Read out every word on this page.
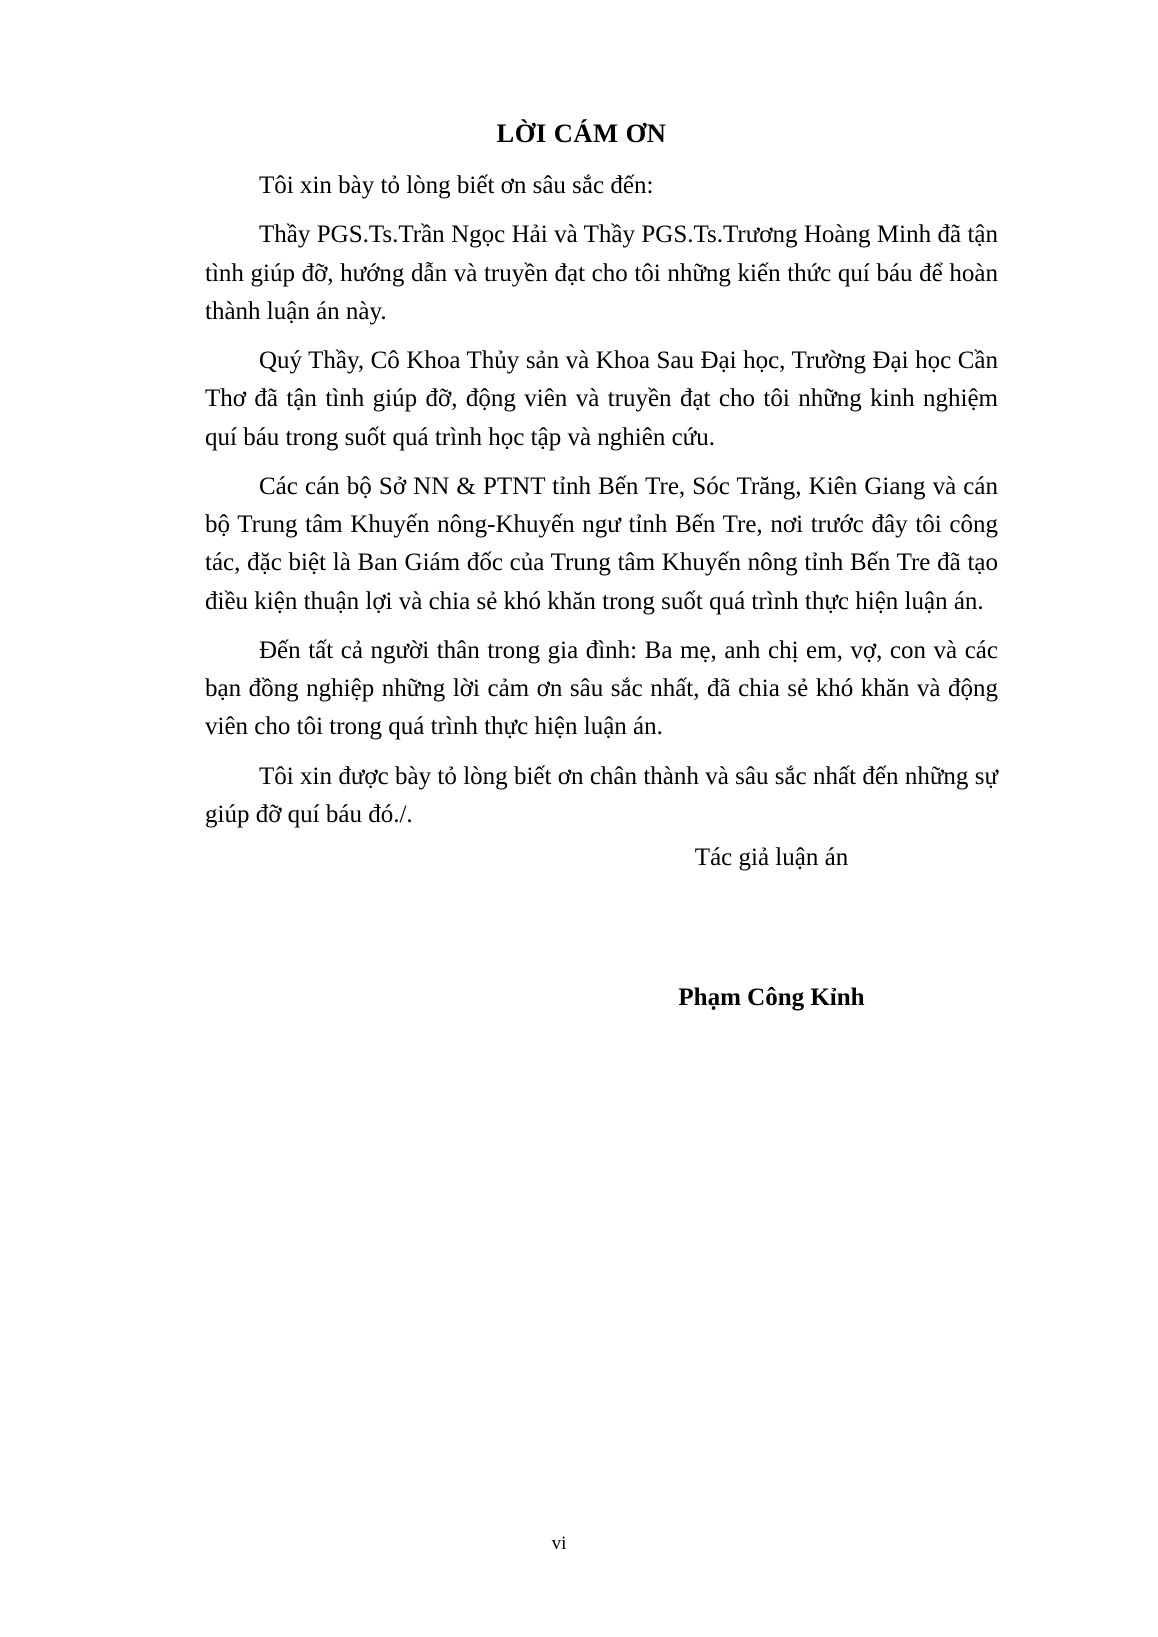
LỜI CÁM ƠN

Tôi xin bày tỏ lòng biết ơn sâu sắc đến:

Thầy PGS.Ts.Trần Ngọc Hải và Thầy PGS.Ts.Trương Hoàng Minh đã tận tình giúp đỡ, hướng dẫn và truyền đạt cho tôi những kiến thức quí báu để hoàn thành luận án này.

Quý Thầy, Cô Khoa Thủy sản và Khoa Sau Đại học, Trường Đại học Cần Thơ đã tận tình giúp đỡ, động viên và truyền đạt cho tôi những kinh nghiệm quí báu trong suốt quá trình học tập và nghiên cứu.

Các cán bộ Sở NN & PTNT tỉnh Bến Tre, Sóc Trăng, Kiên Giang và cán bộ Trung tâm Khuyến nông-Khuyến ngư tỉnh Bến Tre, nơi trước đây tôi công tác, đặc biệt là Ban Giám đốc của Trung tâm Khuyến nông tỉnh Bến Tre đã tạo điều kiện thuận lợi và chia sẻ khó khăn trong suốt quá trình thực hiện luận án.

Đến tất cả người thân trong gia đình: Ba mẹ, anh chị em, vợ, con và các bạn đồng nghiệp những lời cảm ơn sâu sắc nhất, đã chia sẻ khó khăn và động viên cho tôi trong quá trình thực hiện luận án.

Tôi xin được bày tỏ lòng biết ơn chân thành và sâu sắc nhất đến những sự giúp đỡ quí báu đó./.

Tác giả luận án

Phạm Công Kỉnh

vi
